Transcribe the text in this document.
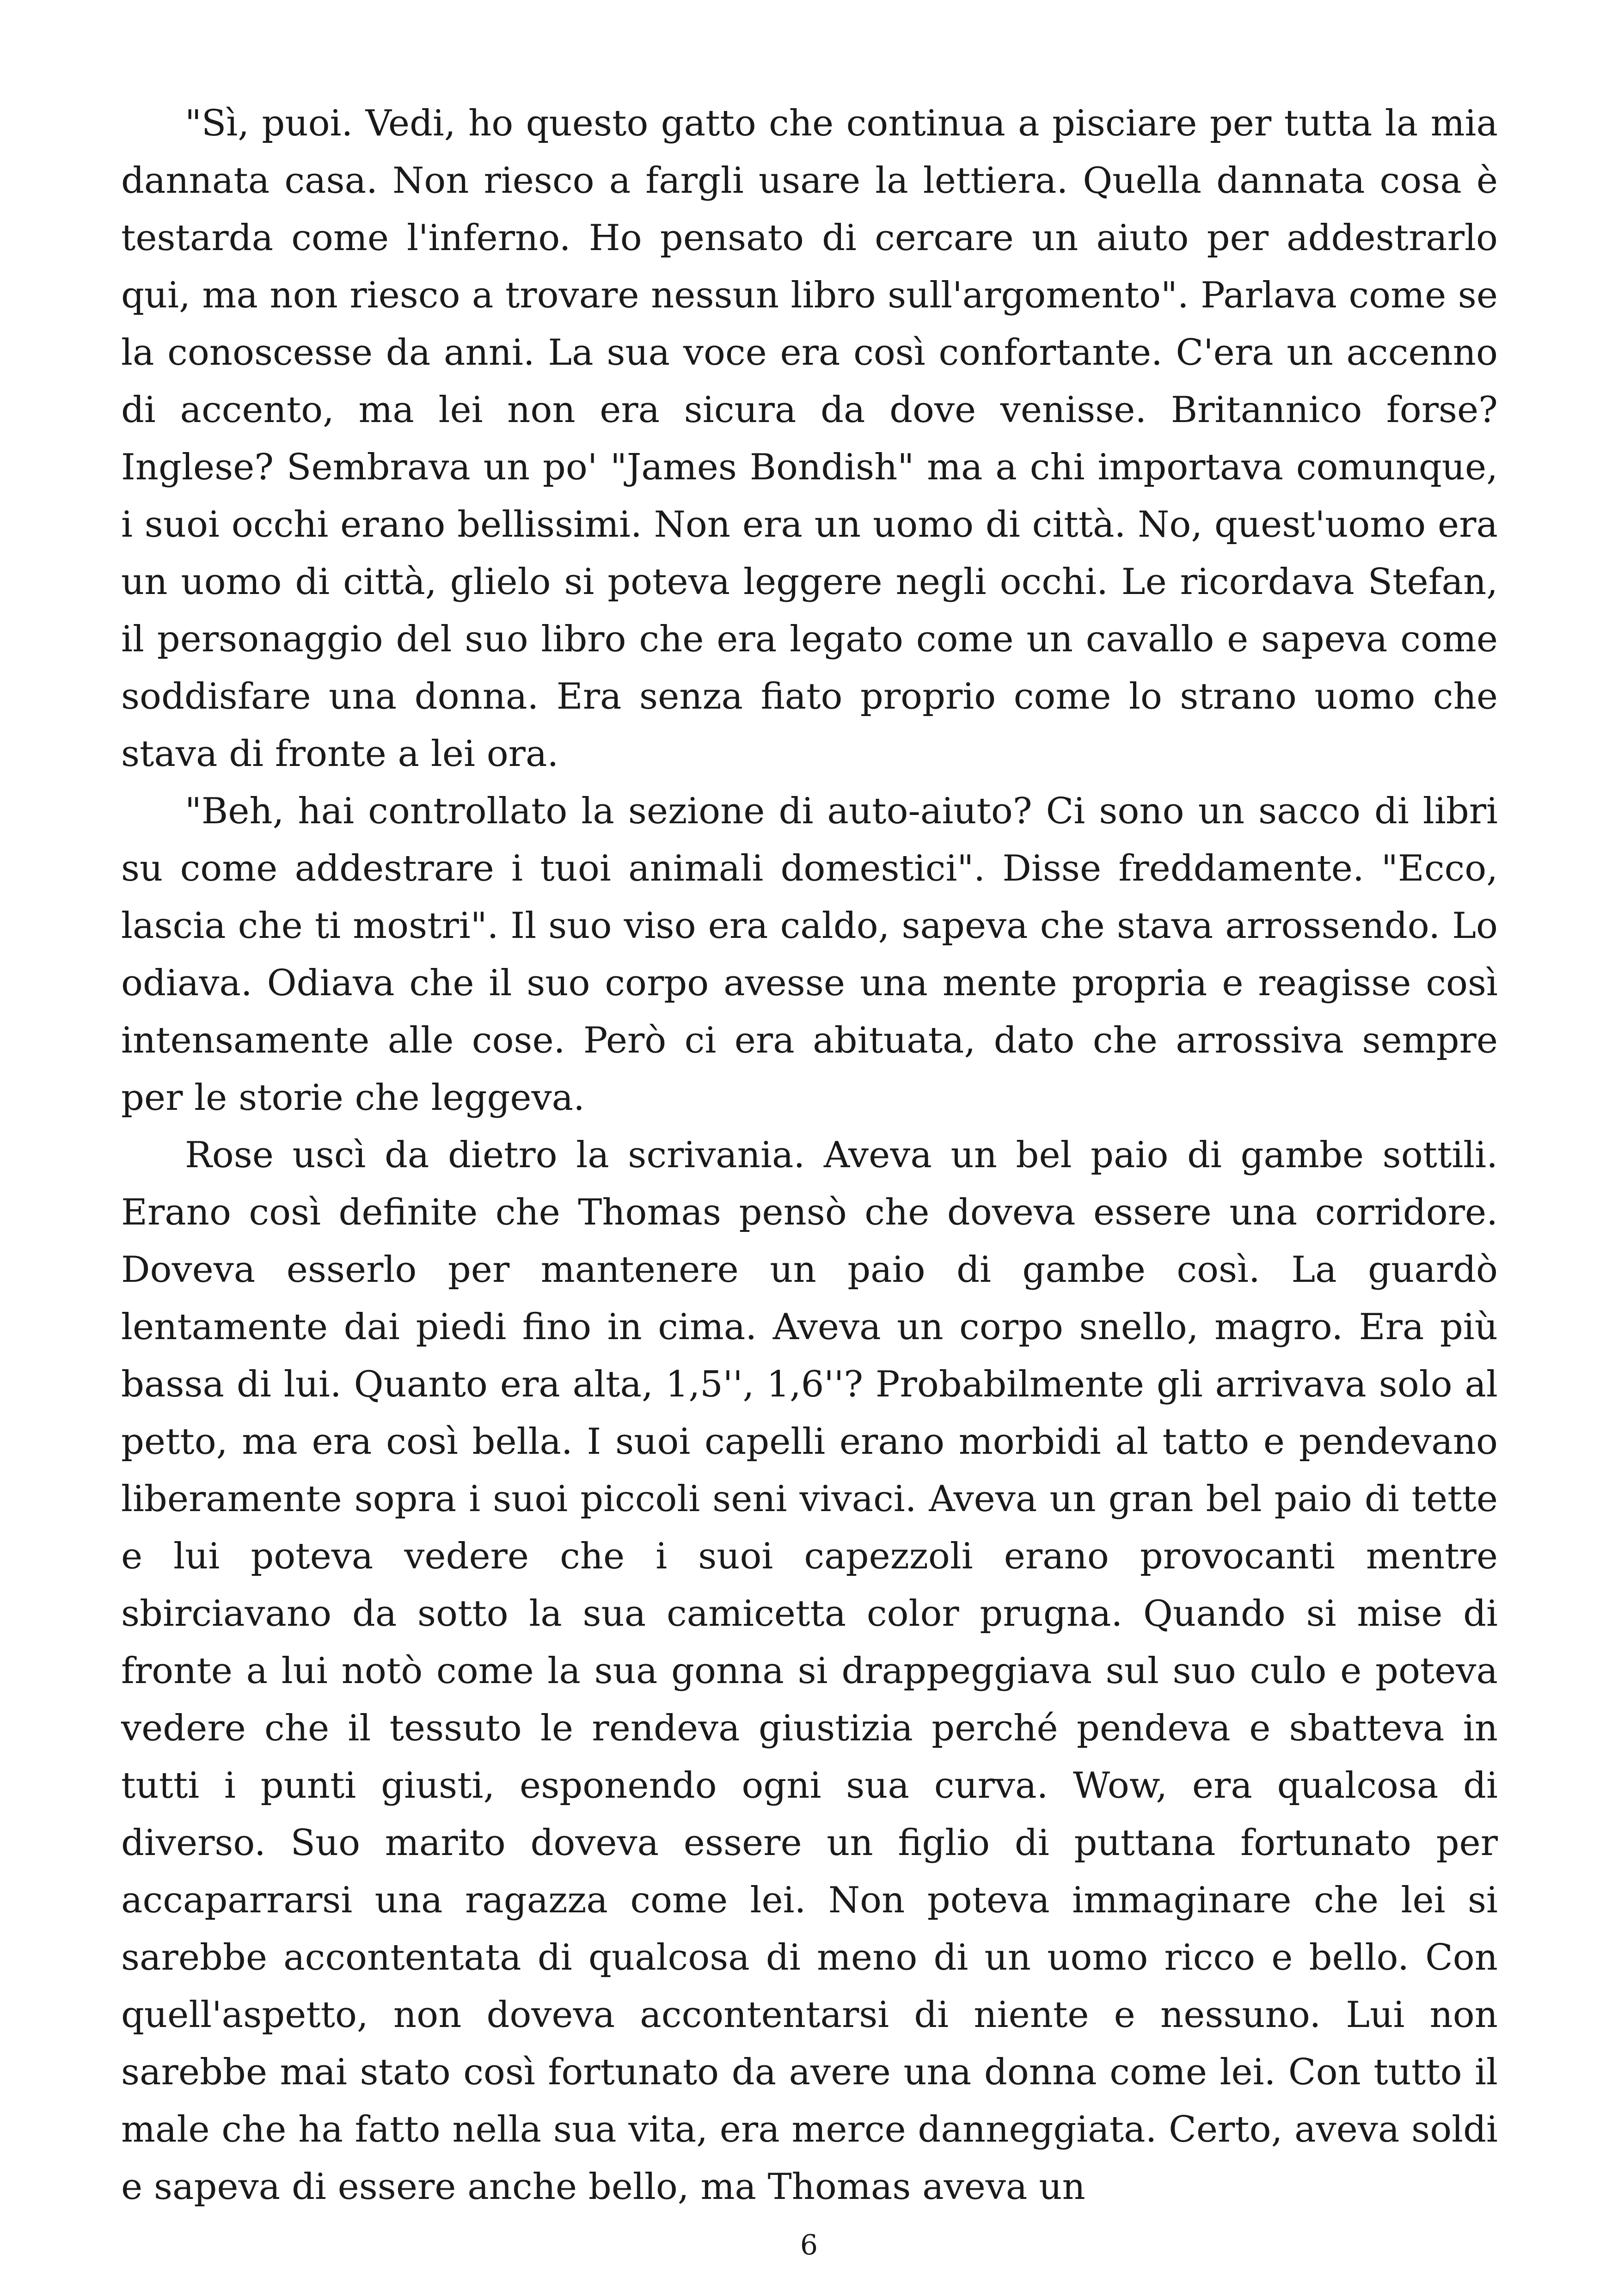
"Sì, puoi. Vedi, ho questo gatto che continua a pisciare per tutta la mia dannata casa. Non riesco a fargli usare la lettiera. Quella dannata cosa è testarda come l'inferno. Ho pensato di cercare un aiuto per addestrarlo qui, ma non riesco a trovare nessun libro sull'argomento". Parlava come se la conoscesse da anni. La sua voce era così confortante. C'era un accenno di accento, ma lei non era sicura da dove venisse. Britannico forse? Inglese? Sembrava un po' "James Bondish" ma a chi importava comunque, i suoi occhi erano bellissimi. Non era un uomo di città. No, quest'uomo era un uomo di città, glielo si poteva leggere negli occhi. Le ricordava Stefan, il personaggio del suo libro che era legato come un cavallo e sapeva come soddisfare una donna. Era senza fiato proprio come lo strano uomo che stava di fronte a lei ora.

"Beh, hai controllato la sezione di auto-aiuto? Ci sono un sacco di libri su come addestrare i tuoi animali domestici". Disse freddamente. "Ecco, lascia che ti mostri". Il suo viso era caldo, sapeva che stava arrossendo. Lo odiava. Odiava che il suo corpo avesse una mente propria e reagisse così intensamente alle cose. Però ci era abituata, dato che arrossiva sempre per le storie che leggeva.

Rose uscì da dietro la scrivania. Aveva un bel paio di gambe sottili. Erano così definite che Thomas pensò che doveva essere una corridore. Doveva esserlo per mantenere un paio di gambe così. La guardò lentamente dai piedi fino in cima. Aveva un corpo snello, magro. Era più bassa di lui. Quanto era alta, 1,5'', 1,6''? Probabilmente gli arrivava solo al petto, ma era così bella. I suoi capelli erano morbidi al tatto e pendevano liberamente sopra i suoi piccoli seni vivaci. Aveva un gran bel paio di tette e lui poteva vedere che i suoi capezzoli erano provocanti mentre sbirciavano da sotto la sua camicetta color prugna. Quando si mise di fronte a lui notò come la sua gonna si drappeggiava sul suo culo e poteva vedere che il tessuto le rendeva giustizia perché pendeva e sbatteva in tutti i punti giusti, esponendo ogni sua curva. Wow, era qualcosa di diverso. Suo marito doveva essere un figlio di puttana fortunato per accaparrarsi una ragazza come lei. Non poteva immaginare che lei si sarebbe accontentata di qualcosa di meno di un uomo ricco e bello. Con quell'aspetto, non doveva accontentarsi di niente e nessuno. Lui non sarebbe mai stato così fortunato da avere una donna come lei. Con tutto il male che ha fatto nella sua vita, era merce danneggiata. Certo, aveva soldi e sapeva di essere anche bello, ma Thomas aveva un

6
